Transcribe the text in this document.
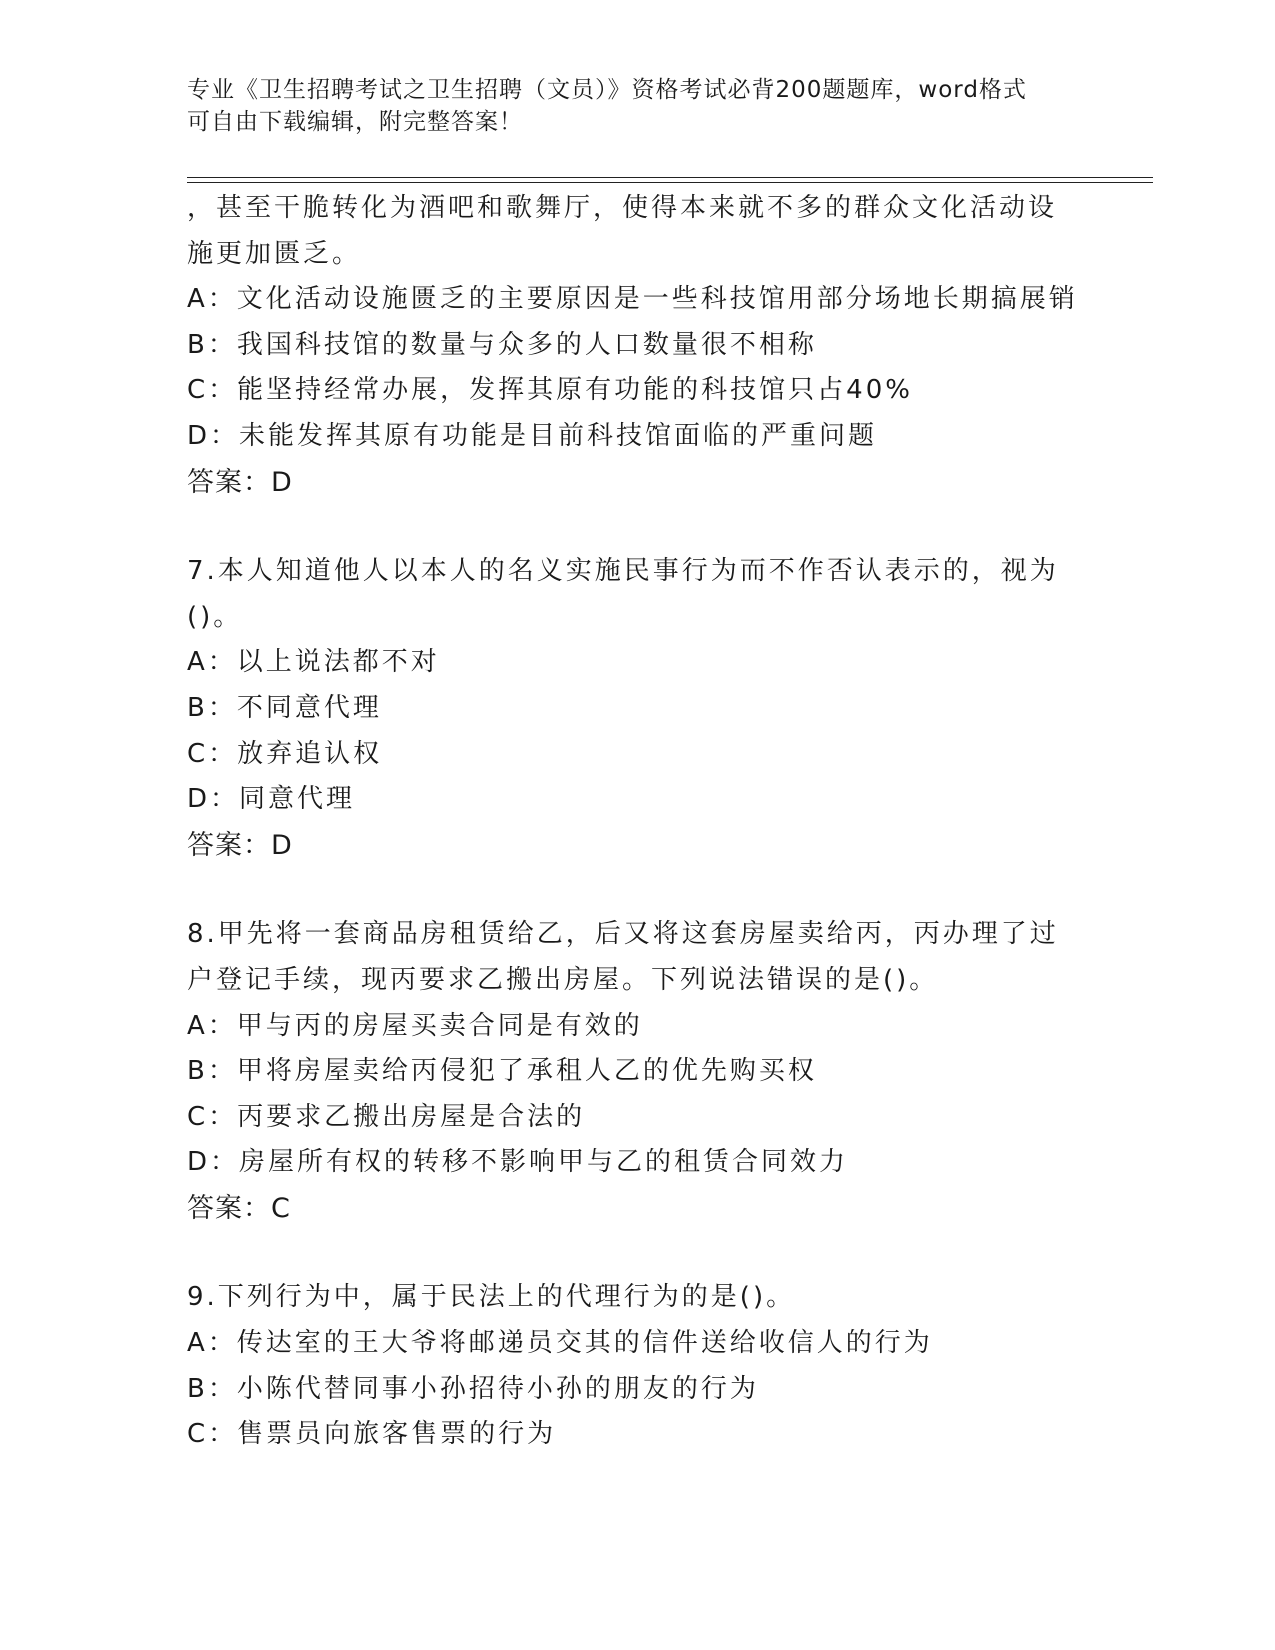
专业《卫生招聘考试之卫生招聘（文员）》资格考试必背200题题库，word格式
可自由下载编辑，附完整答案！
，甚至干脆转化为酒吧和歌舞厅，使得本来就不多的群众文化活动设
施更加匮乏。
A：文化活动设施匮乏的主要原因是一些科技馆用部分场地长期搞展销
B：我国科技馆的数量与众多的人口数量很不相称
C：能坚持经常办展，发挥其原有功能的科技馆只占40%
D：未能发挥其原有功能是目前科技馆面临的严重问题
答案：D
7.本人知道他人以本人的名义实施民事行为而不作否认表示的，视为
()。
A：以上说法都不对
B：不同意代理
C：放弃追认权
D：同意代理
答案：D
8.甲先将一套商品房租赁给乙，后又将这套房屋卖给丙，丙办理了过
户登记手续，现丙要求乙搬出房屋。下列说法错误的是()。
A：甲与丙的房屋买卖合同是有效的
B：甲将房屋卖给丙侵犯了承租人乙的优先购买权
C：丙要求乙搬出房屋是合法的
D：房屋所有权的转移不影响甲与乙的租赁合同效力
答案：C
9.下列行为中，属于民法上的代理行为的是()。
A：传达室的王大爷将邮递员交其的信件送给收信人的行为
B：小陈代替同事小孙招待小孙的朋友的行为
C：售票员向旅客售票的行为
